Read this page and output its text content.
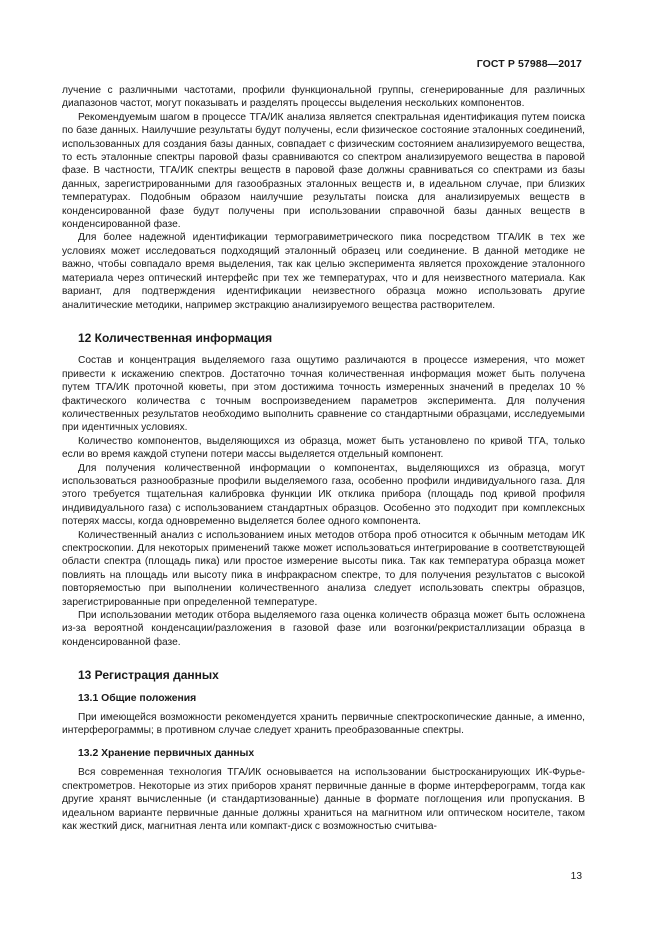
ГОСТ Р 57988—2017

лучение с различными частотами, профили функциональной группы, сгенерированные для различных диапазонов частот, могут показывать и разделять процессы выделения нескольких компонентов.

Рекомендуемым шагом в процессе ТГА/ИК анализа является спектральная идентификация путем поиска по базе данных. Наилучшие результаты будут получены, если физическое состояние эталонных соединений, использованных для создания базы данных, совпадает с физическим состоянием анализируемого вещества, то есть эталонные спектры паровой фазы сравниваются со спектром анализируемого вещества в паровой фазе. В частности, ТГА/ИК спектры веществ в паровой фазе должны сравниваться со спектрами из базы данных, зарегистрированными для газообразных эталонных веществ и, в идеальном случае, при близких температурах. Подобным образом наилучшие результаты поиска для анализируемых веществ в конденсированной фазе будут получены при использовании справочной базы данных веществ в конденсированной фазе.

Для более надежной идентификации термогравиметрического пика посредством ТГА/ИК в тех же условиях может исследоваться подходящий эталонный образец или соединение. В данной методике не важно, чтобы совпадало время выделения, так как целью эксперимента является прохождение эталонного материала через оптический интерфейс при тех же температурах, что и для неизвестного материала. Как вариант, для подтверждения идентификации неизвестного образца можно использовать другие аналитические методики, например экстракцию анализируемого вещества растворителем.

12 Количественная информация

Состав и концентрация выделяемого газа ощутимо различаются в процессе измерения, что может привести к искажению спектров. Достаточно точная количественная информация может быть получена путем ТГА/ИК проточной кюветы, при этом достижима точность измеренных значений в пределах 10 % фактического количества с точным воспроизведением параметров эксперимента. Для получения количественных результатов необходимо выполнить сравнение со стандартными образцами, исследуемыми при идентичных условиях.

Количество компонентов, выделяющихся из образца, может быть установлено по кривой ТГА, только если во время каждой ступени потери массы выделяется отдельный компонент.

Для получения количественной информации о компонентах, выделяющихся из образца, могут использоваться разнообразные профили выделяемого газа, особенно профили индивидуального газа. Для этого требуется тщательная калибровка функции ИК отклика прибора (площадь под кривой профиля индивидуального газа) с использованием стандартных образцов. Особенно это подходит при комплексных потерях массы, когда одновременно выделяется более одного компонента.

Количественный анализ с использованием иных методов отбора проб относится к обычным методам ИК спектроскопии. Для некоторых применений также может использоваться интегрирование в соответствующей области спектра (площадь пика) или простое измерение высоты пика. Так как температура образца может повлиять на площадь или высоту пика в инфракрасном спектре, то для получения результатов с высокой повторяемостью при выполнении количественного анализа следует использовать спектры образцов, зарегистрированные при определенной температуре.

При использовании методик отбора выделяемого газа оценка количеств образца может быть осложнена из-за вероятной конденсации/разложения в газовой фазе или возгонки/рекристаллизации образца в конденсированной фазе.

13 Регистрация данных
13.1 Общие положения

При имеющейся возможности рекомендуется хранить первичные спектроскопические данные, а именно, интерферограммы; в противном случае следует хранить преобразованные спектры.

13.2 Хранение первичных данных

Вся современная технология ТГА/ИК основывается на использовании быстросканирующих ИК-Фурье-спектрометров. Некоторые из этих приборов хранят первичные данные в форме интерферограмм, тогда как другие хранят вычисленные (и стандартизованные) данные в формате поглощения или пропускания. В идеальном варианте первичные данные должны храниться на магнитном или оптическом носителе, таком как жесткий диск, магнитная лента или компакт-диск с возможностью считыва-

13
